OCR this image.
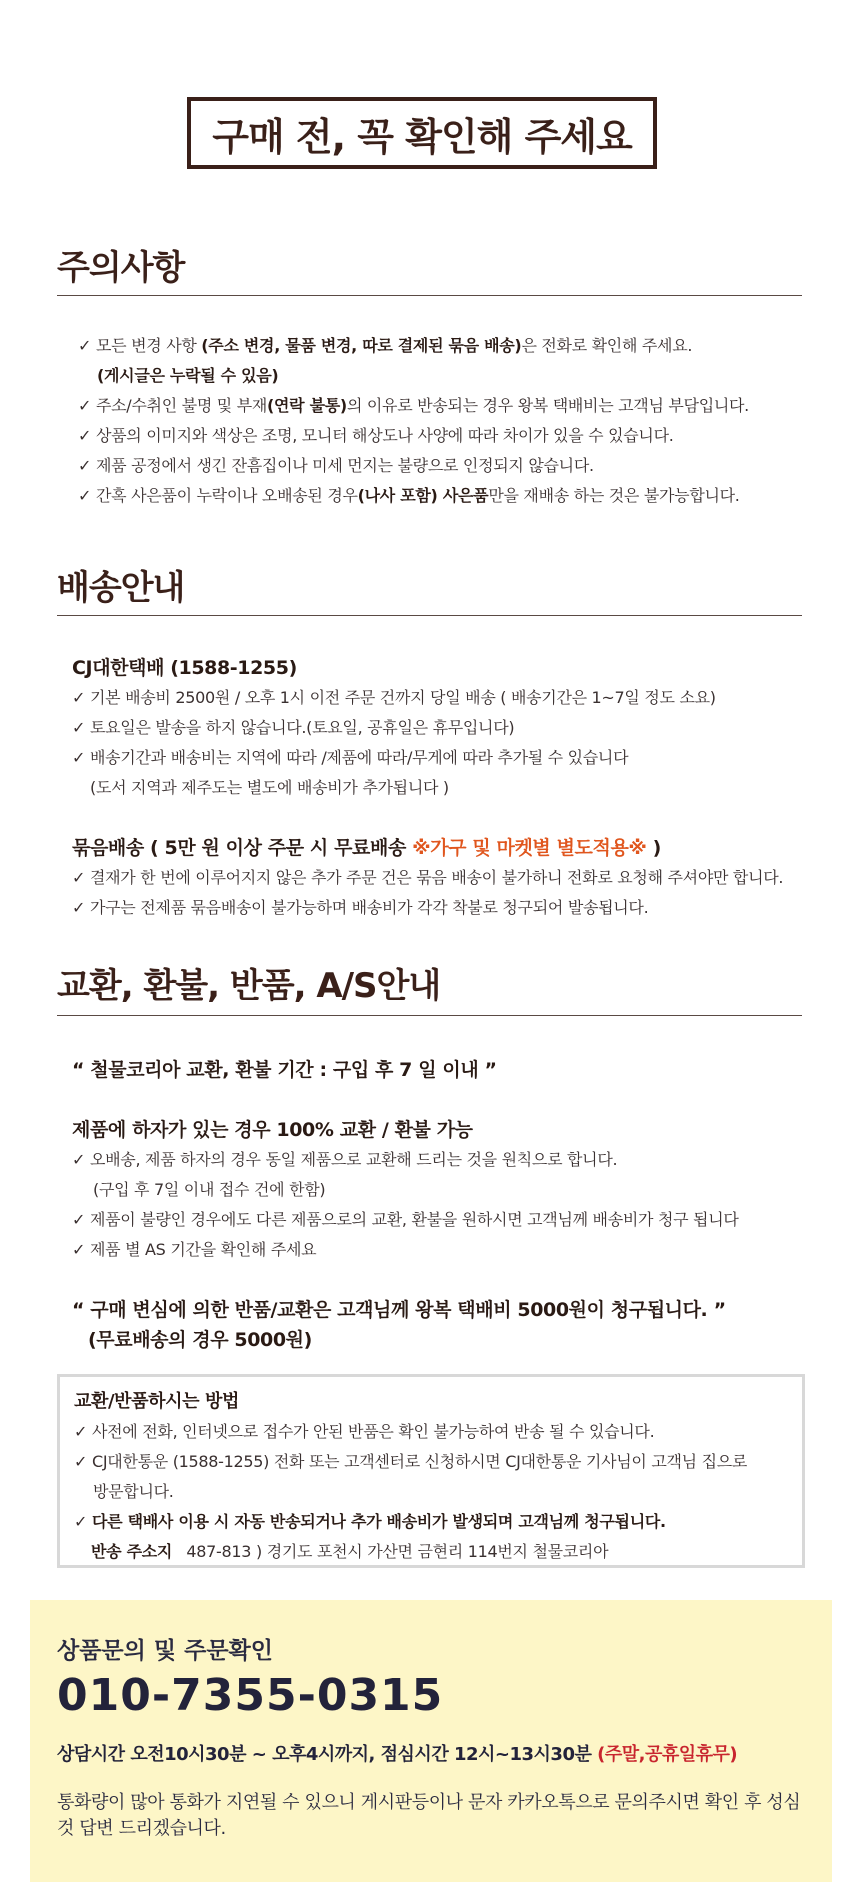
구매 전, 꼭 확인해 주세요
주의사항
✓ 모든 변경 사항 (주소 변경, 물품 변경, 따로 결제된 묶음 배송)은 전화로 확인해 주세요.
(게시글은 누락될 수 있음)
✓ 주소/수취인 불명 및 부재(연락 불통)의 이유로 반송되는 경우 왕복 택배비는 고객님 부담입니다.
✓ 상품의 이미지와 색상은 조명, 모니터 해상도나 사양에 따라 차이가 있을 수 있습니다.
✓ 제품 공정에서 생긴 잔흠집이나 미세 먼지는 불량으로 인정되지 않습니다.
✓ 간혹 사은품이 누락이나 오배송된 경우(나사 포함) 사은품만을 재배송 하는 것은 불가능합니다.
배송안내
CJ대한택배 (1588-1255)
✓ 기본 배송비 2500원 / 오후 1시 이전 주문 건까지 당일 배송 ( 배송기간은 1~7일 정도 소요)
✓ 토요일은 발송을 하지 않습니다.(토요일, 공휴일은 휴무입니다)
✓ 배송기간과 배송비는 지역에 따라 /제품에 따라/무게에 따라 추가될 수 있습니다
(도서 지역과 제주도는 별도에 배송비가 추가됩니다 )
묶음배송 ( 5만 원 이상 주문 시 무료배송 ※가구 및 마켓별 별도적용※ )
✓ 결재가 한 번에 이루어지지 않은 추가 주문 건은 묶음 배송이 불가하니 전화로 요청해 주셔야만 합니다.
✓ 가구는 전제품 묶음배송이 불가능하며 배송비가 각각 착불로 청구되어 발송됩니다.
교환, 환불, 반품, A/S안내
“ 철물코리아 교환, 환불 기간 : 구입 후 7 일 이내 ”
제품에 하자가 있는 경우 100% 교환 / 환불 가능
✓ 오배송, 제품 하자의 경우 동일 제품으로 교환해 드리는 것을 원칙으로 합니다.
(구입 후 7일 이내 접수 건에 한함)
✓ 제품이 불량인 경우에도 다른 제품으로의 교환, 환불을 원하시면 고객님께 배송비가 청구 됩니다
✓ 제품 별 AS 기간을 확인해 주세요
“ 구매 변심에 의한 반품/교환은 고객님께 왕복 택배비 5000원이 청구됩니다. ”
(무료배송의 경우 5000원)
교환/반품하시는 방법
✓ 사전에 전화, 인터넷으로 접수가 안된 반품은 확인 불가능하여 반송 될 수 있습니다.
✓ CJ대한통운 (1588-1255) 전화 또는 고객센터로 신청하시면 CJ대한통운 기사님이 고객님 집으로
방문합니다.
✓ 다른 택배사 이용 시 자동 반송되거나 추가 배송비가 발생되며 고객님께 청구됩니다.
반송 주소지 487-813 ) 경기도 포천시 가산면 금현리 114번지 철물코리아
상품문의 및 주문확인
010-7355-0315
상담시간 오전10시30분 ~ 오후4시까지, 점심시간 12시~13시30분 (주말,공휴일휴무)
통화량이 많아 통화가 지연될 수 있으니 게시판등이나 문자 카카오톡으로 문의주시면 확인 후 성심 것 답변 드리겠습니다.
